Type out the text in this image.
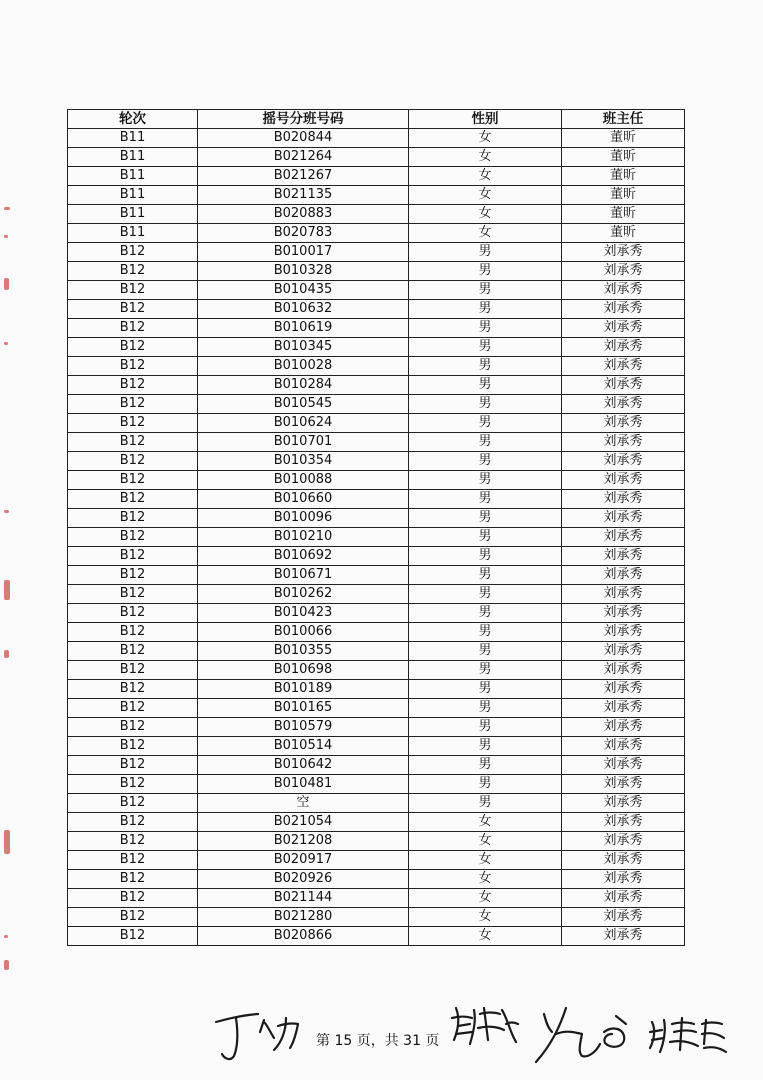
轮次	摇号分班号码	性别	班主任
B11	B020844	女	董昕
B11	B021264	女	董昕
B11	B021267	女	董昕
B11	B021135	女	董昕
B11	B020883	女	董昕
B11	B020783	女	董昕
B12	B010017	男	刘承秀
B12	B010328	男	刘承秀
B12	B010435	男	刘承秀
B12	B010632	男	刘承秀
B12	B010619	男	刘承秀
B12	B010345	男	刘承秀
B12	B010028	男	刘承秀
B12	B010284	男	刘承秀
B12	B010545	男	刘承秀
B12	B010624	男	刘承秀
B12	B010701	男	刘承秀
B12	B010354	男	刘承秀
B12	B010088	男	刘承秀
B12	B010660	男	刘承秀
B12	B010096	男	刘承秀
B12	B010210	男	刘承秀
B12	B010692	男	刘承秀
B12	B010671	男	刘承秀
B12	B010262	男	刘承秀
B12	B010423	男	刘承秀
B12	B010066	男	刘承秀
B12	B010355	男	刘承秀
B12	B010698	男	刘承秀
B12	B010189	男	刘承秀
B12	B010165	男	刘承秀
B12	B010579	男	刘承秀
B12	B010514	男	刘承秀
B12	B010642	男	刘承秀
B12	B010481	男	刘承秀
B12	空	男	刘承秀
B12	B021054	女	刘承秀
B12	B021208	女	刘承秀
B12	B020917	女	刘承秀
B12	B020926	女	刘承秀
B12	B021144	女	刘承秀
B12	B021280	女	刘承秀
B12	B020866	女	刘承秀
第 15 页，共 31 页
